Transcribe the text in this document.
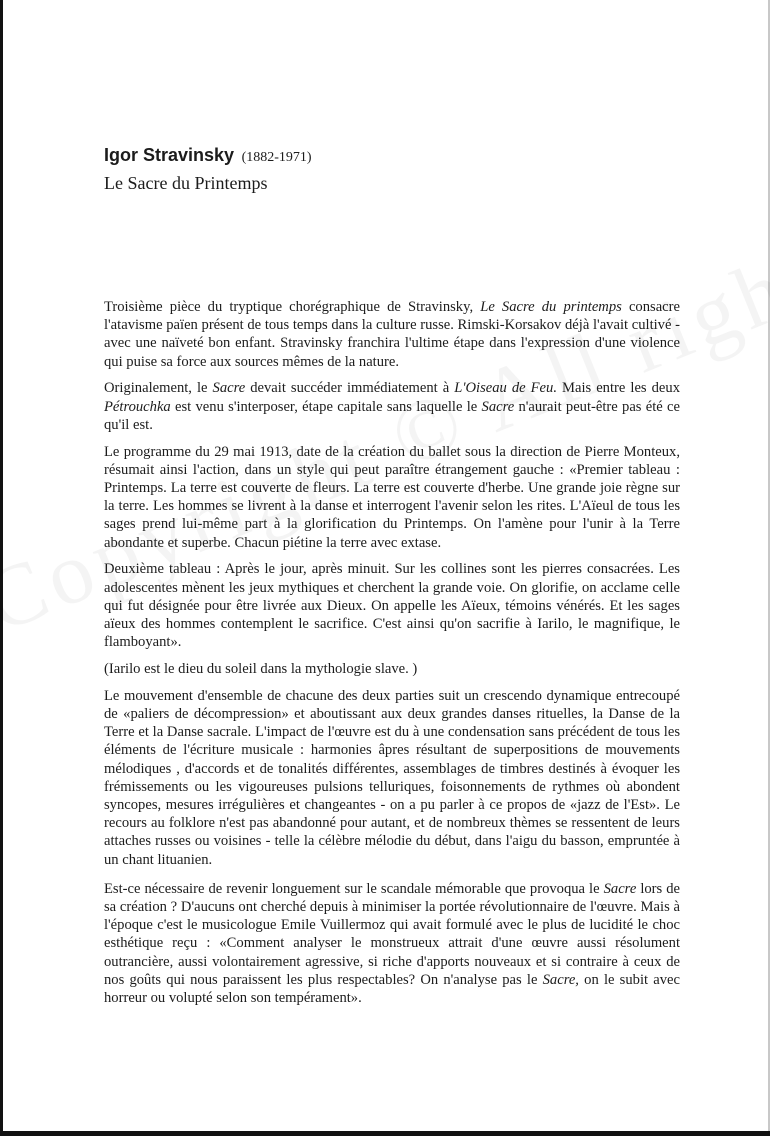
Igor Stravinsky (1882-1971)
Le Sacre du Printemps

Troisième pièce du tryptique chorégraphique de Stravinsky, Le Sacre du printemps consacre l'atavisme païen présent de tous temps dans la culture russe. Rimski-Korsakov déjà l'avait cultivé - avec une naïveté bon enfant. Stravinsky franchira l'ultime étape dans l'expression d'une violence qui puise sa force aux sources mêmes de la nature.

Originalement, le Sacre devait succéder immédiatement à L'Oiseau de Feu. Mais entre les deux Pétrouchka est venu s'interposer, étape capitale sans laquelle le Sacre n'aurait peut-être pas été ce qu'il est.

Le programme du 29 mai 1913, date de la création du ballet sous la direction de Pierre Monteux, résumait ainsi l'action, dans un style qui peut paraître étrangement gauche : «Premier tableau : Printemps. La terre est couverte de fleurs. La terre est couverte d'herbe. Une grande joie règne sur la terre. Les hommes se livrent à la danse et interrogent l'avenir selon les rites. L'Aïeul de tous les sages prend lui-même part à la glorification du Printemps. On l'amène pour l'unir à la Terre abondante et superbe. Chacun piétine la terre avec extase.

Deuxième tableau : Après le jour, après minuit. Sur les collines sont les pierres consacrées. Les adolescentes mènent les jeux mythiques et cherchent la grande voie. On glorifie, on acclame celle qui fut désignée pour être livrée aux Dieux. On appelle les Aïeux, témoins vénérés. Et les sages aïeux des hommes contemplent le sacrifice. C'est ainsi qu'on sacrifie à Iarilo, le magnifique, le flamboyant».

(Iarilo est le dieu du soleil dans la mythologie slave. )

Le mouvement d'ensemble de chacune des deux parties suit un crescendo dynamique entrecoupé de «paliers de décompression» et aboutissant aux deux grandes danses rituelles, la Danse de la Terre et la Danse sacrale. L'impact de l'œuvre est du à une condensation sans précédent de tous les éléments de l'écriture musicale : harmonies âpres résultant de superpositions de mouvements mélodiques , d'accords et de tonalités différentes, assemblages de timbres destinés à évoquer les frémissements ou les vigoureuses pulsions telluriques, foisonnements de rythmes où abondent syncopes, mesures irrégulières et changeantes - on a pu parler à ce propos de «jazz de l'Est». Le recours au folklore n'est pas abandonné pour autant, et de nombreux thèmes se ressentent de leurs attaches russes ou voisines - telle la célèbre mélodie du début, dans l'aigu du basson, empruntée à un chant lituanien.

Est-ce nécessaire de revenir longuement sur le scandale mémorable que provoqua le Sacre lors de sa création ? D'aucuns ont cherché depuis à minimiser la portée révolutionnaire de l'œuvre. Mais à l'époque c'est le musicologue Emile Vuillermoz qui avait formulé avec le plus de lucidité le choc esthétique reçu : «Comment analyser le monstrueux attrait d'une œuvre aussi résolument outrancière, aussi volontairement agressive, si riche d'apports nouveaux et si contraire à ceux de nos goûts qui nous paraissent les plus respectables? On n'analyse pas le Sacre, on le subit avec horreur ou volupté selon son tempérament».
